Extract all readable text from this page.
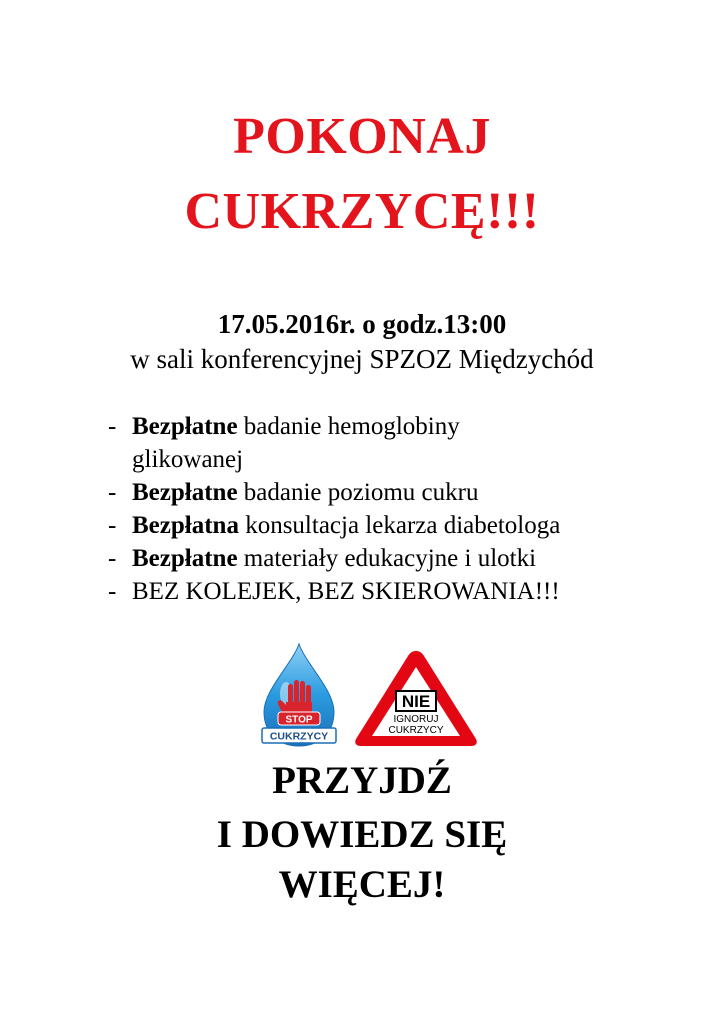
POKONAJ
CUKRZYCĘ!!!
17.05.2016r. o godz.13:00
w sali konferencyjnej SPZOZ Międzychód
- Bezpłatne badanie hemoglobiny
glikowanej
- Bezpłatne badanie poziomu cukru
- Bezpłatna konsultacja lekarza diabetologa
- Bezpłatne materiały edukacyjne i ulotki
- BEZ KOLEJEK, BEZ SKIEROWANIA!!!
STOP
CUKRZYCY
NIE
IGNORUJ
CUKRZYCY
PRZYJDŹ
I DOWIEDZ SIĘ
WIĘCEJ!
